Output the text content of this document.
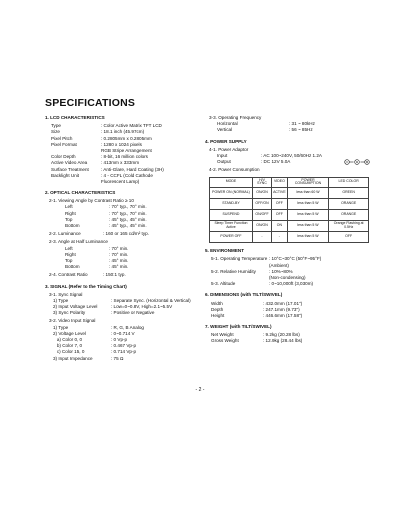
SPECIFICATIONS
1. LCD CHARACTERISTICS
Type	: Color Active Matrix TFT LCD
Size	: 18.1 inch (45.97cm)
Pixel Pitch	: 0.2805mm x 0.2805mm
Pixel Format	: 1280 x 1024 pixels
RGB Stripe Arrangement
Color Depth	: 8-bit, 16 million colors
Active Video Area	: 413mm x 333mm
Surface Treatment	: Anti-Glare, Hard Coating (3H)
Backlight Unit	: 4 - CCFL (Cold Cathode
Fluorescent Lamp)
2. OPTICAL CHARACTERISTICS
2-1. Viewing Angle by Contrast Ratio ≥ 10
Left	: 70° typ., 70° min.
Right	: 70° typ., 70° min.
Top	: 45° typ., 45° min.
Bottom	: 45° typ., 45° min.
2-2. Luminance	: 160 or 165 cd/m² typ.
2-3. Angle at Half Luminance
Left	: 70° min.
Right	: 70° min.
Top	: 45° min.
Bottom	: 45° min.
2-4. Contrast Ratio	: 150:1 typ.
3. SIGNAL (Refer to the Timing Chart)
3-1. Sync Signal
1) Type	: Separate Sync. (Horizontal & Vertical)
2) Input Voltage Level	: Low=0~0.8V, High=2.1~5.5V
3) Sync Polarity	: Positive or Negative
3-2. Video Input Signal
1) Type	: R, G, B Analog
2) Voltage Level	: 0~0.714 V
a) Color 0, 0	: 0 Vp-p
b) Color 7, 0	: 0.467 Vp-p
c) Color 15, 0	: 0.714 Vp-p
3) Input Impedance	: 75 Ω
3-3. Operating Frequency
Horizontal	: 31 ~ 80kHz
Vertical	: 56 ~ 85Hz
4. POWER SUPPLY
4-1. Power Adaptor
Input	: AC 100~240V, 50/60Hz 1.2A
Output	: DC 12V 5.0A
4-2. Power Consumption
MODE	H/V SYNC	VIDEO	POWER CONSUMPTION	LED COLOR
POWER ON (NORMAL)	ON/ON	ACTIVE	less than 60 W	GREEN
STAND-BY	OFF/ON	OFF	less than 5 W	ORANGE
SUSPEND	ON/OFF	OFF	less than 5 W	ORANGE
Sleep Timer Function Active	ON/ON	ON	less than 5 W	Orange Flashing at 0.5Hz
POWER OFF	-	-	less than 5 W	OFF
5. ENVIRONMENT
5-1. Operating Temperature : 10°C~30°C (50°F~95°F)
(Ambient)
5-2. Relative Humidity	: 10%~80%
(Non-condensing)
5-3. Altitude	: 0~10,000ft (3,030m)
6. DIMENSIONS (with TILT/SWIVEL)
Width	: 432.0mm (17.01")
Depth	: 247.1mm (9.73")
Height	: 446.6mm (17.58")
7. WEIGHT (with TILT/SWIVEL)
Net Weight	: 9.2kg (20.28 lbs)
Gross Weight	: 12.9kg (28.44 lbs)
- 2 -
